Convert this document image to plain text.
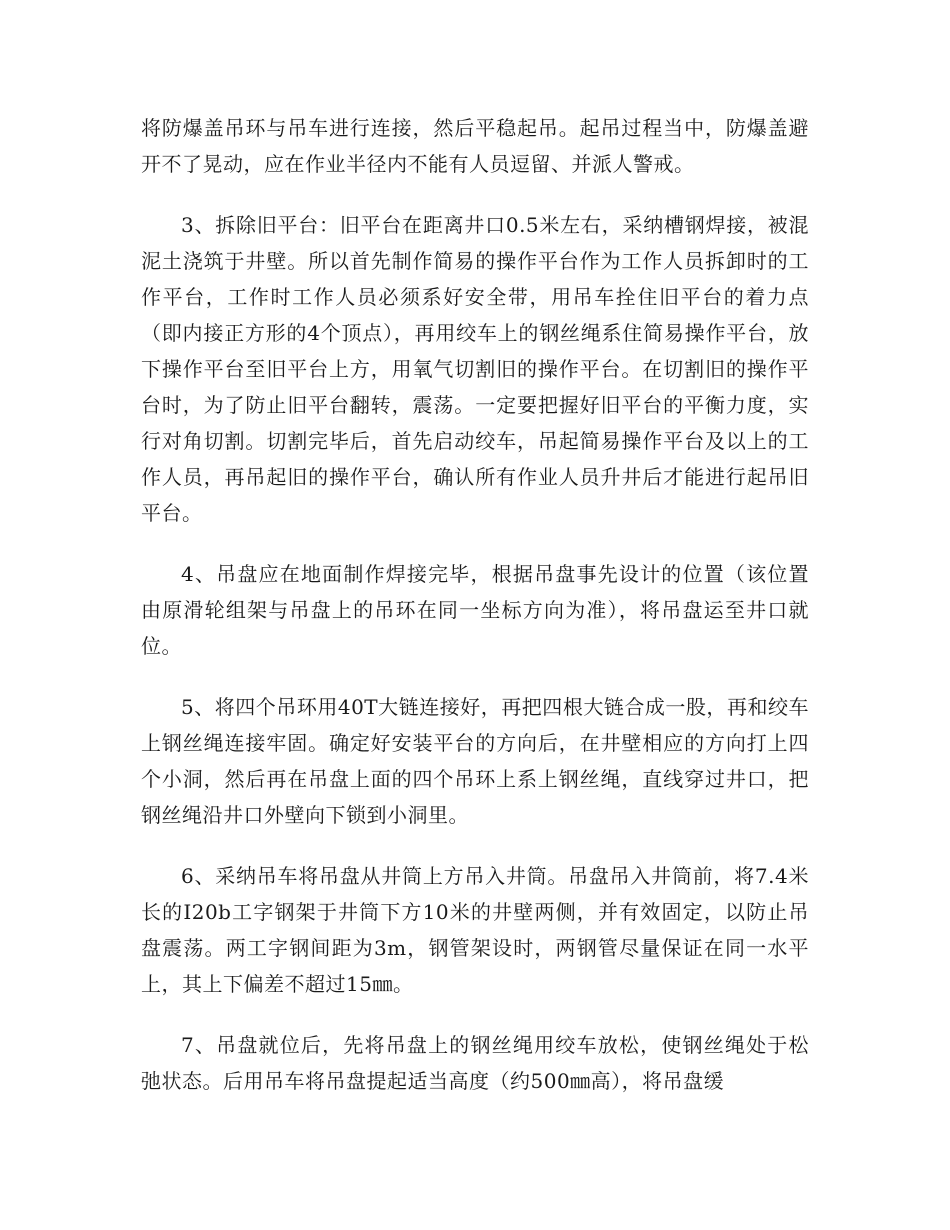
将防爆盖吊环与吊车进行连接，然后平稳起吊。起吊过程当中，防爆盖避开不了晃动，应在作业半径内不能有人员逗留、并派人警戒。

3、拆除旧平台：旧平台在距离井口0.5米左右，采纳槽钢焊接，被混泥土浇筑于井壁。所以首先制作简易的操作平台作为工作人员拆卸时的工作平台，工作时工作人员必须系好安全带，用吊车拴住旧平台的着力点（即内接正方形的4个顶点），再用绞车上的钢丝绳系住简易操作平台，放下操作平台至旧平台上方，用氧气切割旧的操作平台。在切割旧的操作平台时，为了防止旧平台翻转，震荡。一定要把握好旧平台的平衡力度，实行对角切割。切割完毕后，首先启动绞车，吊起简易操作平台及以上的工作人员，再吊起旧的操作平台，确认所有作业人员升井后才能进行起吊旧平台。

4、吊盘应在地面制作焊接完毕，根据吊盘事先设计的位置（该位置由原滑轮组架与吊盘上的吊环在同一坐标方向为准），将吊盘运至井口就位。

5、将四个吊环用40T大链连接好，再把四根大链合成一股，再和绞车上钢丝绳连接牢固。确定好安装平台的方向后，在井壁相应的方向打上四个小洞，然后再在吊盘上面的四个吊环上系上钢丝绳，直线穿过井口，把钢丝绳沿井口外壁向下锁到小洞里。

6、采纳吊车将吊盘从井筒上方吊入井筒。吊盘吊入井筒前，将7.4米长的I20b工字钢架于井筒下方10米的井壁两侧，并有效固定，以防止吊盘震荡。两工字钢间距为3m，钢管架设时，两钢管尽量保证在同一水平上，其上下偏差不超过15㎜。

7、吊盘就位后，先将吊盘上的钢丝绳用绞车放松，使钢丝绳处于松弛状态。后用吊车将吊盘提起适当高度（约500㎜高），将吊盘缓
